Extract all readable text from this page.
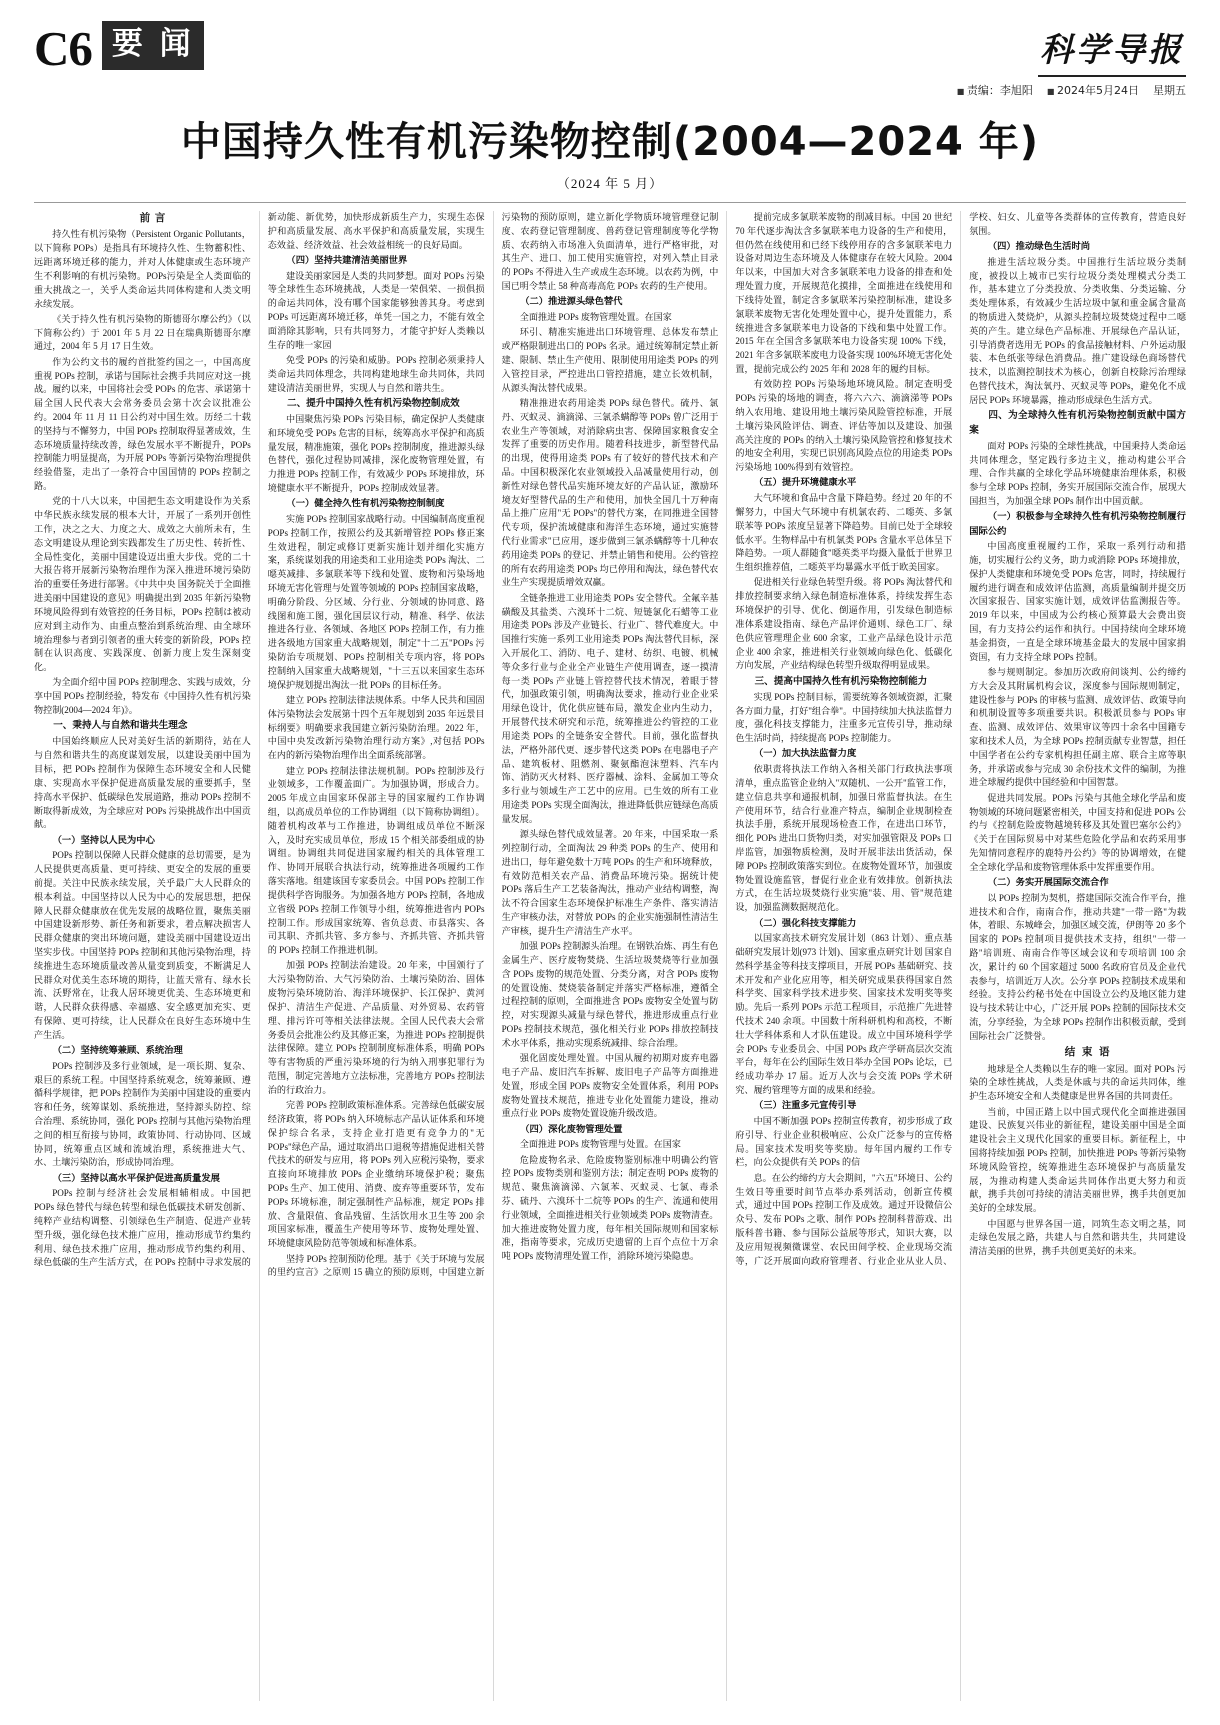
C6 要 闻	科学导报
■ 责编：李旭阳	■ 2024年5月24日 星期五
中国持久性有机污染物控制(2004—2024 年)
（2024 年 5 月）

前 言

持久性有机污染物（Persistent Organic Pollutants，以下简称 POPs）是指具有环境持久性、生物蓄积性、远距离环境迁移的能力，并对人体健康或生态环境产生不利影响的有机污染物。POPs污染是全人类面临的重大挑战之一，关乎人类命运共同体构建和人类文明永续发展。

《关于持久性有机污染物的斯德哥尔摩公约》（以下简称公约）于 2001 年 5 月 22 日在瑞典斯德哥尔摩通过，2004 年 5 月 17 日生效。

作为公约文书的履约首批签约国之一，中国高度重视 POPs 控制，承诺与国际社会携手共同应对这一挑战。履约以来，中国将社会受 POPs 的危害、承诺第十届全国人民代表大会常务委员会第十次会议批准公约。2004 年 11 月 11 日公约对中国生效。历经二十载的坚持与不懈努力，中国 POPs 控制取得显著成效，生态环境质量持续改善，绿色发展水平不断提升，POPs 控制能力明显提高，为开展 POPs 等新污染物治理提供经验借鉴，走出了一条符合中国国情的 POPs 控制之路。

党的十八大以来，中国把生态文明建设作为关系中华民族永续发展的根本大计，开展了一系列开创性工作，决之之大、力度之大、成效之大前所未有，生态文明建设从理论到实践都发生了历史性、转折性、全局性变化，美丽中国建设迈出重大步伐。党的二十大报告将开展新污染物治理作为深入推进环境污染防治的重要任务进行部署。《中共中央 国务院关于全面推进美丽中国建设的意见》明确提出到 2035 年新污染物环境风险得到有效管控的任务目标，POPs 控制は被动应对到主动作为、由重点整治到系统治理、由全球环境治理参与者到引领者的重大转变的新阶段，POPs 控制在认识高度、实践深度、创新力度上发生深刻变化。

为全面介绍中国 POPs 控制理念、实践与成效，分享中国 POPs 控制经验，特发布《中国持久性有机污染物控制(2004—2024 年)》。

一、秉持人与自然和谐共生理念

中国始终顺应人民对美好生活的新期待，站在人与自然和谐共生的高度谋划发展，以建设美丽中国为目标，把 POPs 控制作为保障生态环境安全和人民健康、实现高水平保护促进高质量发展的重要抓手，坚持高水平保护、低碳绿色发展道路，推动 POPs 控制不断取得新成效，为全球应对 POPs 污染挑战作出中国贡献。

（一）坚持以人民为中心

POPs 控制以保障人民群众健康的总切需要，是为人民提供更高质量、更可持续、更安全的发展的重要前提。关注中民族永续发展，关乎最广大人民群众的根本利益。中国坚持以人民为中心的发展思想，把保障人民群众健康放在优先发展的战略位置，聚焦美丽中国建设新形势、新任务和新要求，着点解决损害人民群众健康的突出环境问题，建设美丽中国建设迈出坚实步伐。中国坚持 POPs 控制和其他污染物治理，持续推进生态环境质量改善从量变到质变，不断满足人民群众对优美生态环境的期待，让蓝天常有、绿水长流、沃野常在，让我人居环境更优美、生态环境更和谐，人民群众获得感、幸福感、安全感更加充实、更有保障、更可持续，让人民群众在良好生态环境中生产生活。

（二）坚持统筹兼顾、系统治理

POPs 控制涉及多行业领域，是一项长期、复杂、艰巨的系统工程。中国坚持系统观念，统筹兼顾、遵循科学规律，把 POPs 控制作为美丽中国建设的重要内容和任务，统筹谋划、系统推进，坚持源头防控、综合治理、系统协同，强化 POPs 控制与其他污染物治理之间的相互衔接与协同，政策协同、行动协同、区域协同，统筹重点区域和流域治理，系统推进大气、水、土壤污染防治，形成协同治理。

（三）坚持以高水平保护促进高质量发展

POPs 控制与经济社会发展相辅相成。中国把 POPs 绿色替代与绿色转型和绿色低碳技术研发创新、纯粹产业结构调整、引领绿色生产制造、促进产业转型升级，强化绿色技术推广应用，推动形成节约集约利用、绿色技术推广应用，推动形成节约集约利用、绿色低碳的生产生活方式，在 POPs 控制中寻求发展的新动能、新优势，加快形成新质生产力，实现生态保护和高质量发展、高水平保护和高质量发展，实现生态效益、经济效益、社会效益相统一的良好局面。

（四）坚持共建清洁美丽世界

建设美丽家园是人类的共同梦想。面对 POPs 污染等全球性生态环境挑战，人类是一荣俱荣、一损俱损的命运共同体，没有哪个国家能够独善其身。考虑到 POPs 可远距离环境迁移，单凭一国之力，不能有效全面消除其影响，只有共同努力，才能守护好人类赖以生存的唯一家园

免受 POPs 的污染和威胁。POPs 控制必须秉持人类命运共同体理念，共同构建地球生命共同体，共同建设清洁美丽世界，实现人与自然和谐共生。

二、提升中国持久性有机污染物控制成效

中国聚焦污染 POPs 污染目标，确定保护人类健康和环境免受 POPs 危害的目标，统筹高水平保护和高质量发展，精准施策，强化 POPs 控制制度，推进源头绿色替代，强化过程协同减排，深化废物管理处置，有力推进 POPs 控制工作，有效减少 POPs 环境排放，环境健康水平不断提升，POPs 控制成效显著。

（一）健全持久性有机污染物控制制度

实施 POPs 控制国家战略行动。中国编制高度重视 POPs 控制工作，按照公约及其新增管控 POPs 修正案生效进程，制定或修订更新实施计划并细化实施方案，系统谋划我的用途类和工业用途类 POPs 淘汰、二噁英减排、多氯联苯等下线和处置、废物和污染场地环境无害化管理与处置等领域的 POPs 控制国家战略，明确分阶段、分区域、分行业、分领域的协同意、路线图和施工图，强化国层议行动，精准、科学、依法推进各行业、各领域、各地区 POPs 控制工作，有力推进各级地方国家重大战略规划，制定"十二五"POPs 污染防治专项规划、POPs 控制相关专项内容，将 POPs 控制纳入国家重大战略规划，"十三五以来国家生态环境保护规划提出淘汰一批 POPs 的目标任务。

建立 POPs 控制法律法规体系。中华人民共和国固体污染物法会发展第十四个五年规划到 2035 年远景目标纲要》明确要求我国建立新污染防治理。2022 年，中国中央发改新污染物治理行动方案》,对包括 POPs 在内的新污染物治理作出全面系统部署。

建立 POPs 控制法律法规机制。POPs 控制涉及行业领域多，工作覆盖面广。为加强协调，形成合力。2005 年成立由国家环保部主导的国家履约工作协调组，以高成员单位的工作协调组（以下简称协调组）。随着机构改革与工作推进，协调组成员单位不断深入，及时充实成员单位，形成 15 个相关部委组成的协调组。协调组共同促进国家履约相关的具体管理工作、协同开展联合执法行动，统筹推进各项履约工作落实落地。组建该国专家委员会。中国 POPs 控制工作提供科学咨询服务。为加强各地方 POPs 控制，各地成立省级 POPs 控制工作领导小组，统筹推进省内 POPs 控制工作。形成国家统筹、省负总责、市县落实、各司其职、齐抓共管、多方参与、齐抓共管、齐抓共管的 POPs 控制工作推进机制。

加强 POPs 控制法治建设。20 年来，中国颁行了大污染物防治、大气污染防治、土壤污染防治、固体废物污染环境防治、海洋环境保护、长江保护、黄河保护、清洁生产促进、产品质量、对外贸易、农药管理、排污许可等相关法律法规。全国人民代表大会常务委员会批准公约及其修正案，为推进 POPs 控制提供法律保障。建立 POPs 控制制度标准体系，明确 POPs 等有害物质的严重污染环境的行为纳入刑事犯罪行为范围，制定完善地方立法标准，完善地方 POPs 控制法治的行政治力。

完善 POPs 控制政策标准体系。完善绿色低碳安展经济政策，将 POPs 纳入环境标志产品认证体系和环境保护综合名录，支持企业打造更有竞争力的"无 POPs"绿色产品，通过取消出口退税等措施促进相关替代技术的研发与应用，将 POPs 列入应税污染物，要求直接向环境排放 POPs 企业缴纳环境保护税；聚焦 POPs 生产、加工使用、消费、废弃等重要环节，发布 POPs 环境标准，制定强制性产品标准，规定 POPs 排放、含量限值、食品残留、生活饮用水卫生等 200 余项国家标准，覆盖生产使用等环节、废物处理处置、环境健康风险防范等领域和标准体系。

坚持 POPs 控制预防伦理。基于《关于环境与发展的里约宣言》之原则 15 确立的预防原则，中国建立新污染物的预防原则，建立新化学物质环境管理登记制度、农药登记管理制度、兽药登记管理制度等化学物质、农药纳入市场准入负面清单，进行严格审批，对其生产、进口、加工使用实施管控，对列入禁止目录的 POPs 不得进入生产或成生态环境。以农药为例，中国已明令禁止 58 种高毒高危 POPs 农药的生产使用。

（二）推进源头绿色替代

全面推进 POPs 废物管理处置。在国家

环引、精准实施进出口环境管理、总体发布禁止或严格限制进出口的 POPs 名录。通过统筹制定禁止新建、限制、禁止生产使用、限制使用用途类 POPs 的列入管控目录，严控进出口管控措施，建立长效机制，从源头淘汰替代成果。

精准推进农药用途类 POPs 绿色替代。硫丹、氯丹、灭蚁灵、滴滴涕、三氯杀螨醇等 POPs 曾广泛用于农业生产等领域，对消除病虫害、保障国家粮食安全发挥了重要的历史作用。随着科技进步，新型替代品的出现，使得用途类 POPs 有了较好的替代技术和产品。中国积极深化农业领域投入品减量使用行动，创新性对绿色替代品实施环境友好的产品认证，激励环境友好型替代品的生产和使用，加快全国几十万种南品上推广应用"无 POPs"的替代方案，在同推进全国替代专项，保护流域健康和海洋生态环境，通过实施替代行业需求"已应用，逐步做到三氯杀螨醇等十几种农药用途类 POPs 的登记、并禁止销售和使用。公约管控的所有农药用途类 POPs 均已停用和淘汰，绿色替代农业生产实现提质增效双赢。

全链条推进工业用途类 POPs 安全替代。全氟辛基磺酸及其盐类、六溴环十二烷、短链氯化石蜡等工业用途类 POPs 涉及产业链长、行业广、替代难度大。中国推行实施一系列工业用途类 POPs 淘汰替代目标，深入开展化工、消防、电子、建材、纺织、电镀、机械等众多行业与企业全产业链生产使用调查，逐一摸清每一类 POPs 产业链上管控替代技术情况，着眼于替代，加强政策引领，明确淘汰要求，推动行业企业采用绿色设计，优化供应链布局，激发企业内生动力，开展替代技术研究和示范，统筹推进公约管控的工业用途类 POPs 的全链条安全替代。目前，强化监督执法，严格外部代更、逐步替代这类 POPs 在电器电子产品、建筑板材、阻燃剂、聚氨酯泡沫塑料、汽车内饰、消防灭火材料、医疗器械、涂料、金属加工等众多行业与领域生产工艺中的应用。已生效的所有工业用途类 POPs 实现全面淘汰，推进降低供应链绿色高质量发展。

源头绿色替代成效显著。20 年来，中国采取一系列控制行动，全面淘汰 29 种类 POPs 的生产、使用和进出口，每年避免数十万吨 POPs 的生产和环境释放，有效防范相关农产品、消费品环境污染。据统计使 POPs 落后生产工艺装备淘汰，推动产业结构调整，淘汰不符合国家生态环境保护标准生产条件、落实清洁生产审核办法，对替放 POPs 的企业实施强制性清洁生产审核，提升生产清洁生产水平。

加强 POPs 控制源头治理。在钢铁冶炼、再生有色金属生产、医疗废物焚烧、生活垃圾焚烧等行业加强含 POPs 废物的规范处置、分类分离，对含 POPs 废物的处置设施、焚烧装备制定并落实严格标准，遵循全过程控制的原则，全面推进含 POPs 废物安全处置与防控，对实现源头减量与绿色替代，推进形成重点行业 POPs 控制技术规范，强化相关行业 POPs 排放控制技术水平体系，推动实现系统减排、综合治理。

强化固废处理处置。中国从履约初期对废弃电器电子产品、废旧汽车拆解、废旧电子产品等方面推进处置，形成全国 POPs 废物安全处置体系，利用 POPs 废物处置技术规范，推进专业化处置能力建设，推动重点行业 POPs 废物处置设施升级改造。

（四）深化废物管理处置

全面推进 POPs 废物管理与处置。在国家

危险废物名录、危险废物鉴别标准中明确公约管控 POPs 废物类别和鉴别方法；制定查明 POPs 废物的规范、聚焦滴滴涕、六氯苯、灭蚁灵、七氯、毒杀芬、硫丹、六溴环十二烷等 POPs 的生产、流通和使用行业领域，全面推进相关行业领域类 POPs 废物清查。加大推进废物处置力度，每年相关国际规则和国家标准，指南等要求，完成历史遗留的上百个点位十万余吨 POPs 废物清理处置工作，消除环境污染隐患。

提前完成多氯联苯废物的削减目标。中国 20 世纪 70 年代逐步淘汰含多氯联苯电力设备的生产和使用，但仍然在线使用和已经下线停用存的含多氯联苯电力设备对周边生态环境及人体健康存在较大风险。2004 年以来，中国加大对含多氯联苯电力设备的排查和处理处置力度，开展规范化摸排，全面推进在线使用和下线待处置，制定含多氯联苯污染控制标准，建设多氯联苯废物无害化处理处置中心，提升处置能力，系统推进含多氯联苯电力设备的下线和集中处置工作。2015 年在全国含多氯联苯电力设备实现 100% 下线，2021 年含多氯联苯废电力设备实现 100%环境无害化处置，提前完成公约 2025 年和 2028 年的履约目标。

有效防控 POPs 污染场地环境风险。制定查明受 POPs 污染的场地的调查，将六六六、滴滴涕等 POPs 纳入农用地、建设用地土壤污染风险管控标准，开展土壤污染风险评估、调查、评估等加以及建设、加强高关注度的 POPs 的纳入土壤污染风险管控和修复技术的地安全利用，实现已识别高风险点位的用途类 POPs 污染场地 100%得到有效管控。

（五）提升环境健康水平

大气环境和食品中含量下降趋势。经过 20 年的不懈努力，中国大气环境中有机氯农药、二噁英、多氯联苯等 POPs 浓度呈显著下降趋势。目前已处于全球较低水平。生物样品中有机氯类 POPs 含量水平总体呈下降趋势。一项人群随食"噁英类平均摄入量低于世界卫生组织推荐值，二噁英平均暴露水平低于欧美国家。

促进相关行业绿色转型升级。将 POPs 淘汰替代和排放控制要求纳入绿色制造标准体系，持续发挥生态环境保护的引导、优化、倒逼作用，引发绿色制造标准体系建设指南、绿色产品评价通则、绿色工厂、绿色供应管理理企业 600 余家，工业产品绿色设计示范企业 400 余家，推进相关行业领域向绿色化、低碳化方向发展，产业结构绿色转型升级取得明显成果。

三、提高中国持久性有机污染物控制能力

实现 POPs 控制目标，需要统筹各领域资源，汇聚各方面力量，打好"组合拳"。中国持续加大执法监督力度，强化科技支撑能力，注重多元宣传引导，推动绿色生活时尚，持续提高 POPs 控制能力。

（一）加大执法监督力度

依职责将执法工作纳入各相关部门行政执法事项清单，重点监管企业纳入"双随机、一公开"监管工作，建立信息共享和通报机制，加强日常监督执法。在生产使用环节，结合行业准产特点，编制企业规制检查执法手册，系统开展现场检查工作，在进出口环节，细化 POPs 进出口货物归类，对实加强管限及 POPs 口岸监管，加强物质检测，及时开展非法出货活动，保障 POPs 控制政策落实到位。在废物处置环节，加强废物处置设施监管，督促行业企业有效排放。创新执法方式，在生活垃圾焚烧行业实施"装、用、管"规范建设，加强监测数据规范化。

（二）强化科技支撑能力

以国家高技术研究发展计划（863 计划）、重点基础研究发展计划(973 计划)、国家重点研究计划 国家自然科学基金等科技支撑项目，开展 POPs 基础研究、技术开发和产业化应用等，相关研究成果获得国家自然科学奖、国家科学技术进步奖、国家技术发明奖等奖励。先后一系列 POPs 示范工程项目，示范推广先进替代技术 240 余项。中国数十所科研机构和高校，不断壮大学科体系和人才队伍建设。成立中国环境科学学会 POPs 专业委员会、中国 POPs 政产学研高层次交流平台，每年在公约国际生效日举办全国 POPs 论坛，已经成功举办 17 届。近万人次与会交流 POPs 学术研究、履约管理等方面的成果和经验。

（三）注重多元宣传引导

中国不断加强 POPs 控制宣传教育，初步形成了政府引导、行业企业积极响应、公众广泛参与的宣传格局。国家技术发明奖等奖励。每年国内履约工作专栏，向公众提供有关 POPs 的信

息。在公约缔约方大会期间，"六五"环境日、公约生效日等重要时间节点举办系列活动，创新宣传模式，通过中国 POPs 控制工作及成效。通过开设微信公众号、发布 POPs 之歌、制作 POPs 控制科普游戏、出版科普书籍、参与国际公益展等形式，知识大赛，以及应用短视频微课堂、农民田间学校、企业现场交流等，广泛开展面向政府管理者、行业企业从业人员、学校、妇女、儿童等各类群体的宣传教育，营造良好氛围。

（四）推动绿色生活时尚

推进生活垃圾分类。中国推行生活垃圾分类制度，被投以上城市已实行垃圾分类处理模式分类工作，基本建立了分类投放、分类收集、分类运输、分类处理体系，有效减少生活垃圾中氯和重金属含量高的物质进入焚烧炉，从源头控制垃圾焚烧过程中二噁英的产生。建立绿色产品标准、开展绿色产品认证，引导消费者选用无 POPs 的食品接触材料、户外运动服装、本色纸张等绿色消费品。推广建设绿色商场替代技术，以监测控制技术为核心，创新自校除污治理绿色替代技术，淘汰氧丹、灭蚁灵等 POPs，避免化不成居民 POPs 环境暴露，推动形成绿色生活方式。

四、为全球持久性有机污染物控制贡献中国方案

面对 POPs 污染的全球性挑战，中国秉持人类命运共同体理念，坚定践行多边主义，推动构建公平合理、合作共赢的全球化学品环境健康治理体系，积极参与全球 POPs 控制，务实开展国际交流合作，展现大国担当，为加强全球 POPs 制作出中国贡献。

（一）积极参与全球持久性有机污染物控制履行国际公约

中国高度重视履约工作，采取一系列行动和措施，切实履行公约义务，助力或消除 POPs 环境排放，保护人类健康和环境免受 POPs 危害，同时，持续履行履约进行调查和成效评估监测，高质量编制并提交历次国家报告、国家实施计划，成效评估监测报告等。2019 年以来，中国成为公约核心预算最大会费出资国，有力支持公约运作和执行。中国持续向全球环境基金捐资，一直是全球环境基金最大的发展中国家捐资国，有力支持全球 POPs 控制。

参与规则制定。参加历次政府间谈判、公约缔约方大会及其附属机构会议，深度参与国际规则制定，建设性参与 POPs 的审核与监测、成效评估、政策导向和机制设置等多项重要共识。积极派员参与 POPs 审查、监测、成效评估、效果审议等四十余名中国籍专家和技术人员，为全球 POPs 控制贡献专业智慧，担任中国学者在公约专家机构担任副主席、联合主席等职务，并承诺或参与完成 30 余份技术文件的编制，为推进全球履约提供中国经验和中国智慧。

促进共同发展。POPs 污染与其他全球化学品和废物领域的环境问题紧密相关，中国支持和促进 POPs 公约与《控制危险废物越境转移及其处置巴塞尔公约》《关于在国际贸易中对某些危险化学品和农药采用事先知情同意程序的鹿特丹公约》等的协调增效，在健全全球化学品和废物管理体系中发挥重要作用。

（二）务实开展国际交流合作

以 POPs 控制为契机，搭建国际交流合作平台，推进技术和合作，南南合作，推动共建"一带一路"为载体，着眼、东城峰会，加强区域交流，伊朗等 20 多个国家的 POPs 控制项目提供技术支持，组织"一带一路"培训班、南南合作等区域会议和专项培训 100 余次，累计约 60 个国家超过 5000 名政府官员及企业代表参与，培训近万人次。公分享 POPs 控制技术成果和经验。支持公约秘书处在中国设立公约及地区能力建设与技术转让中心，广泛开展 POPs 控制的国际技术交流，分享经验，为全球 POPs 控制作出积极贡献，受到国际社会广泛赞誉。

结 束 语

地球是全人类赖以生存的唯一家园。面对 POPs 污染的全球性挑战，人类是休戚与共的命运共同体，维护生态环境安全和人类健康是世界各国的共同责任。

当前，中国正踏上以中国式现代化全面推进强国建设、民族复兴伟业的新征程，建设美丽中国是全面建设社会主义现代化国家的重要目标。新征程上，中国将持续加强 POPs 控制，加快推进 POPs 等新污染物环境风险管控，统筹推进生态环境保护与高质量发展，为推动构建人类命运共同体作出更大努力和贡献，携手共创可持续的清洁美丽世界，携手共创更加美好的全球发展。

中国愿与世界各国一道，同筑生态文明之基，同走绿色发展之路，共建人与自然和谐共生，共同建设清洁美丽的世界，携手共创更美好的未来。
